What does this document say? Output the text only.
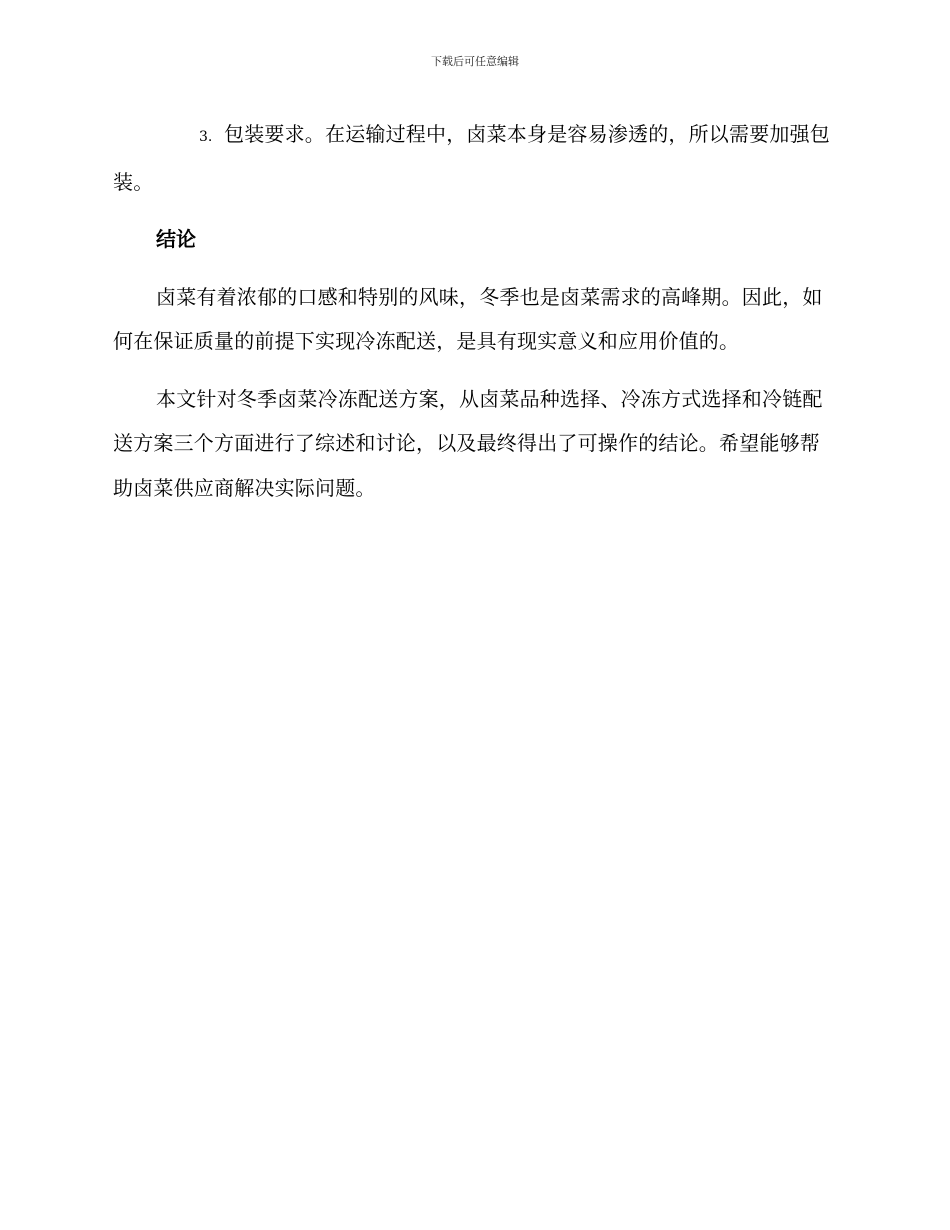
下载后可任意编辑

3. 包装要求。在运输过程中，卤菜本身是容易渗透的，所以需要加强包装。

结论

卤菜有着浓郁的口感和特别的风味，冬季也是卤菜需求的高峰期。因此，如何在保证质量的前提下实现冷冻配送，是具有现实意义和应用价值的。

本文针对冬季卤菜冷冻配送方案，从卤菜品种选择、冷冻方式选择和冷链配送方案三个方面进行了综述和讨论，以及最终得出了可操作的结论。希望能够帮助卤菜供应商解决实际问题。
